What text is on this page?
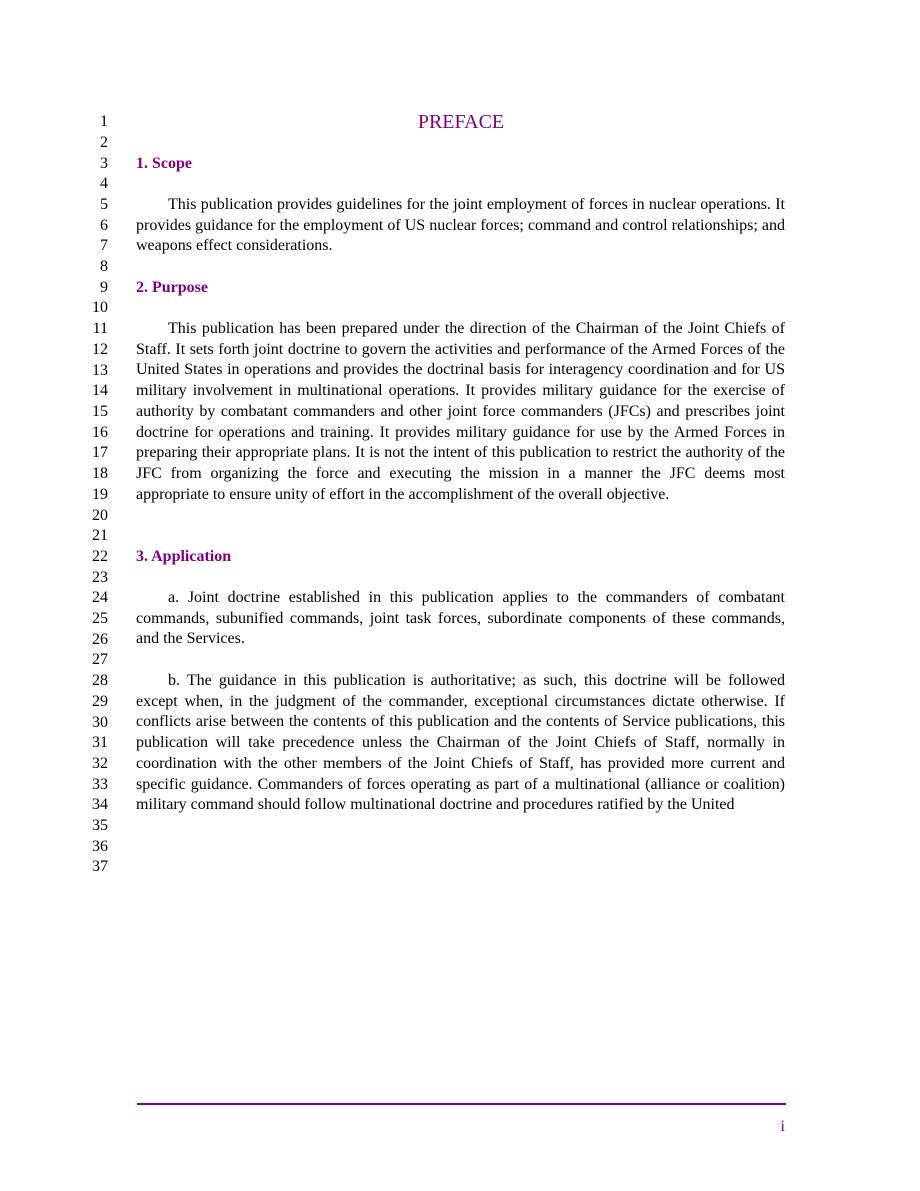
PREFACE
1
2
3
4
5
6
7
8
9
10
11
12
13
14
15
16
17
18
19
20
21
22
23
24
25
26
27
28
29
30
31
32
33
34
35
36
37
1. Scope

This publication provides guidelines for the joint employment of forces in nuclear operations. It provides guidance for the employment of US nuclear forces; command and control relationships; and weapons effect considerations.

2. Purpose

This publication has been prepared under the direction of the Chairman of the Joint Chiefs of Staff. It sets forth joint doctrine to govern the activities and performance of the Armed Forces of the United States in operations and provides the doctrinal basis for interagency coordination and for US military involvement in multinational operations. It provides military guidance for the exercise of authority by combatant commanders and other joint force commanders (JFCs) and prescribes joint doctrine for operations and training. It provides military guidance for use by the Armed Forces in preparing their appropriate plans. It is not the intent of this publication to restrict the authority of the JFC from organizing the force and executing the mission in a manner the JFC deems most appropriate to ensure unity of effort in the accomplishment of the overall objective.

3. Application

a. Joint doctrine established in this publication applies to the commanders of combatant commands, subunified commands, joint task forces, subordinate components of these commands, and the Services.

b. The guidance in this publication is authoritative; as such, this doctrine will be followed except when, in the judgment of the commander, exceptional circumstances dictate otherwise. If conflicts arise between the contents of this publication and the contents of Service publications, this publication will take precedence unless the Chairman of the Joint Chiefs of Staff, normally in coordination with the other members of the Joint Chiefs of Staff, has provided more current and specific guidance. Commanders of forces operating as part of a multinational (alliance or coalition) military command should follow multinational doctrine and procedures ratified by the United

i
